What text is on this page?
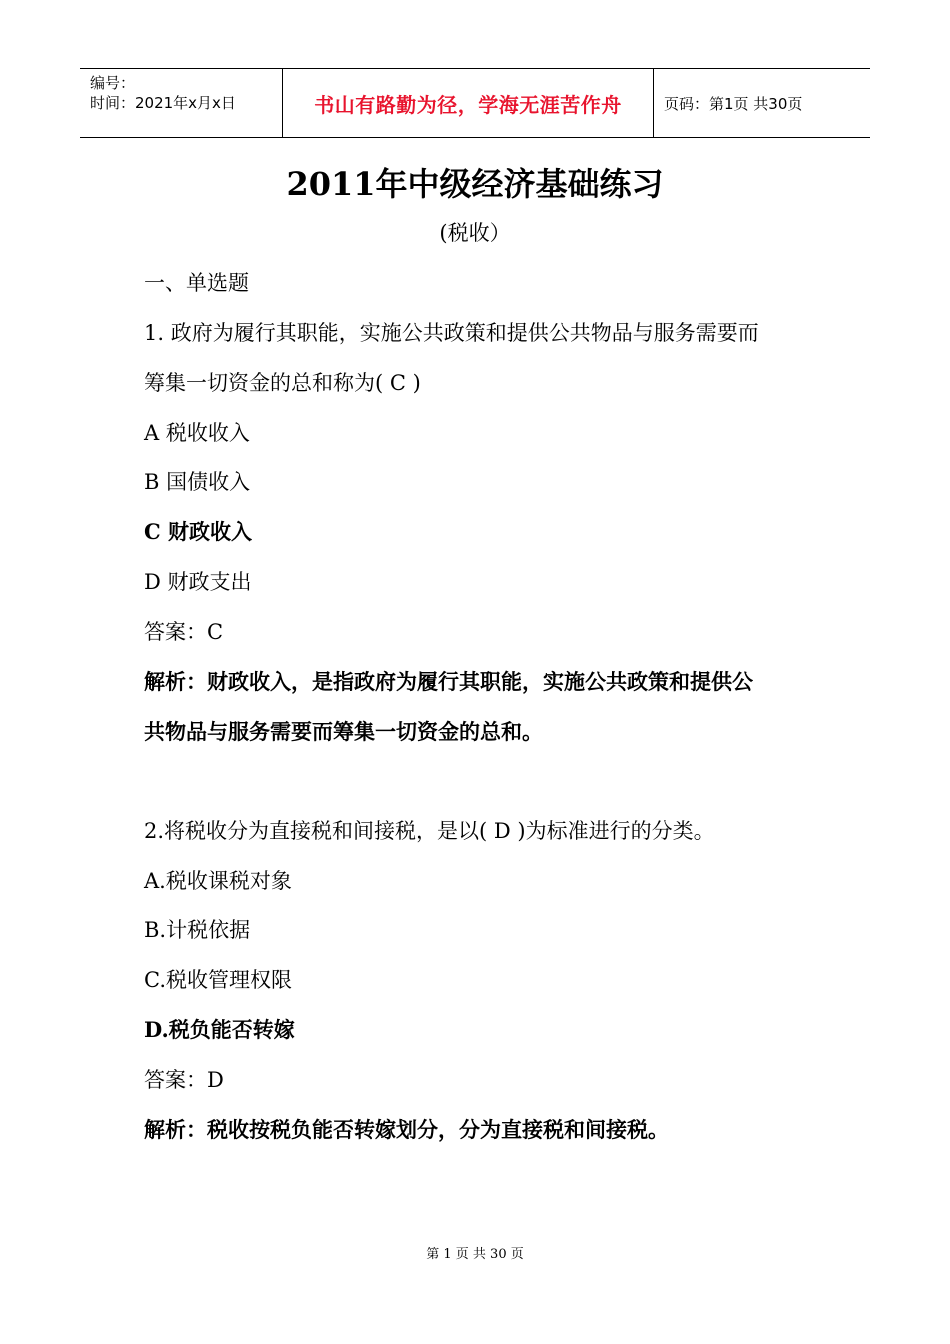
编号：
时间：2021年x月x日	书山有路勤为径，学海无涯苦作舟	页码：第1页 共30页
2011年中级经济基础练习
(税收）
一、单选题
1. 政府为履行其职能，实施公共政策和提供公共物品与服务需要而
筹集一切资金的总和称为( C )
A 税收收入
B 国债收入
C 财政收入
D 财政支出
答案：C
解析：财政收入，是指政府为履行其职能，实施公共政策和提供公
共物品与服务需要而筹集一切资金的总和。
2.将税收分为直接税和间接税，是以( D )为标准进行的分类。
A.税收课税对象
B.计税依据
C.税收管理权限
D.税负能否转嫁
答案：D
解析：税收按税负能否转嫁划分，分为直接税和间接税。
第 1 页 共 30 页
